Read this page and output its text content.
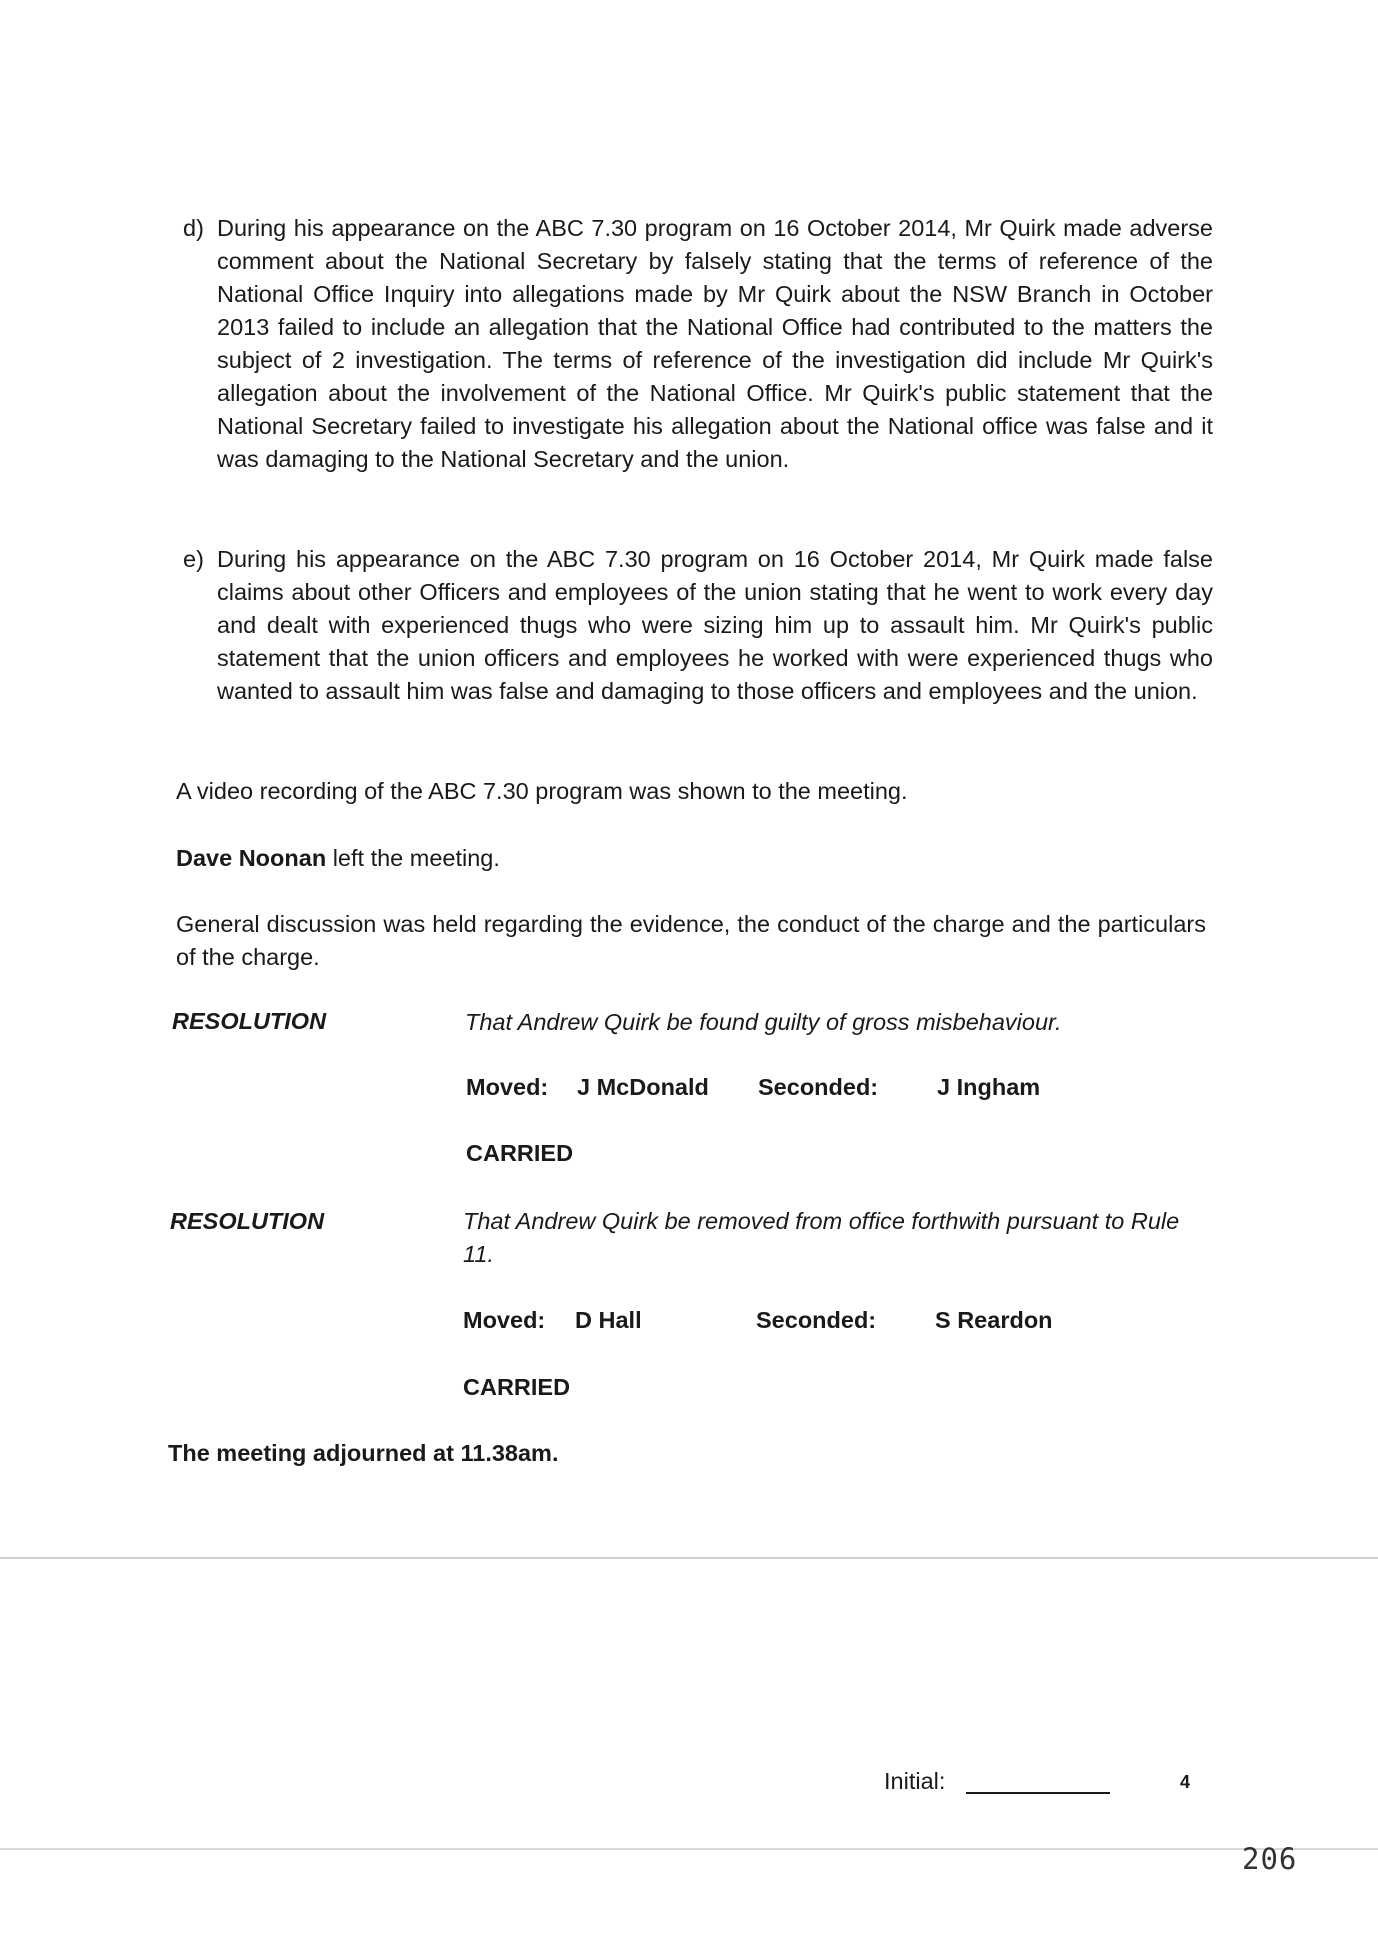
d) During his appearance on the ABC 7.30 program on 16 October 2014, Mr Quirk made adverse comment about the National Secretary by falsely stating that the terms of reference of the National Office Inquiry into allegations made by Mr Quirk about the NSW Branch in October 2013 failed to include an allegation that the National Office had contributed to the matters the subject of 2 investigation. The terms of reference of the investigation did include Mr Quirk's allegation about the involvement of the National Office. Mr Quirk's public statement that the National Secretary failed to investigate his allegation about the National office was false and it was damaging to the National Secretary and the union.
e) During his appearance on the ABC 7.30 program on 16 October 2014, Mr Quirk made false claims about other Officers and employees of the union stating that he went to work every day and dealt with experienced thugs who were sizing him up to assault him. Mr Quirk's public statement that the union officers and employees he worked with were experienced thugs who wanted to assault him was false and damaging to those officers and employees and the union.
A video recording of the ABC 7.30 program was shown to the meeting.
Dave Noonan left the meeting.
General discussion was held regarding the evidence, the conduct of the charge and the particulars of the charge.
RESOLUTION	That Andrew Quirk be found guilty of gross misbehaviour.
Moved: J McDonald Seconded:	J Ingham
CARRIED
RESOLUTION	That Andrew Quirk be removed from office forthwith pursuant to Rule 11.
Moved: D Hall	Seconded:	S Reardon
CARRIED
The meeting adjourned at 11.38am.
Initial:	4
206
